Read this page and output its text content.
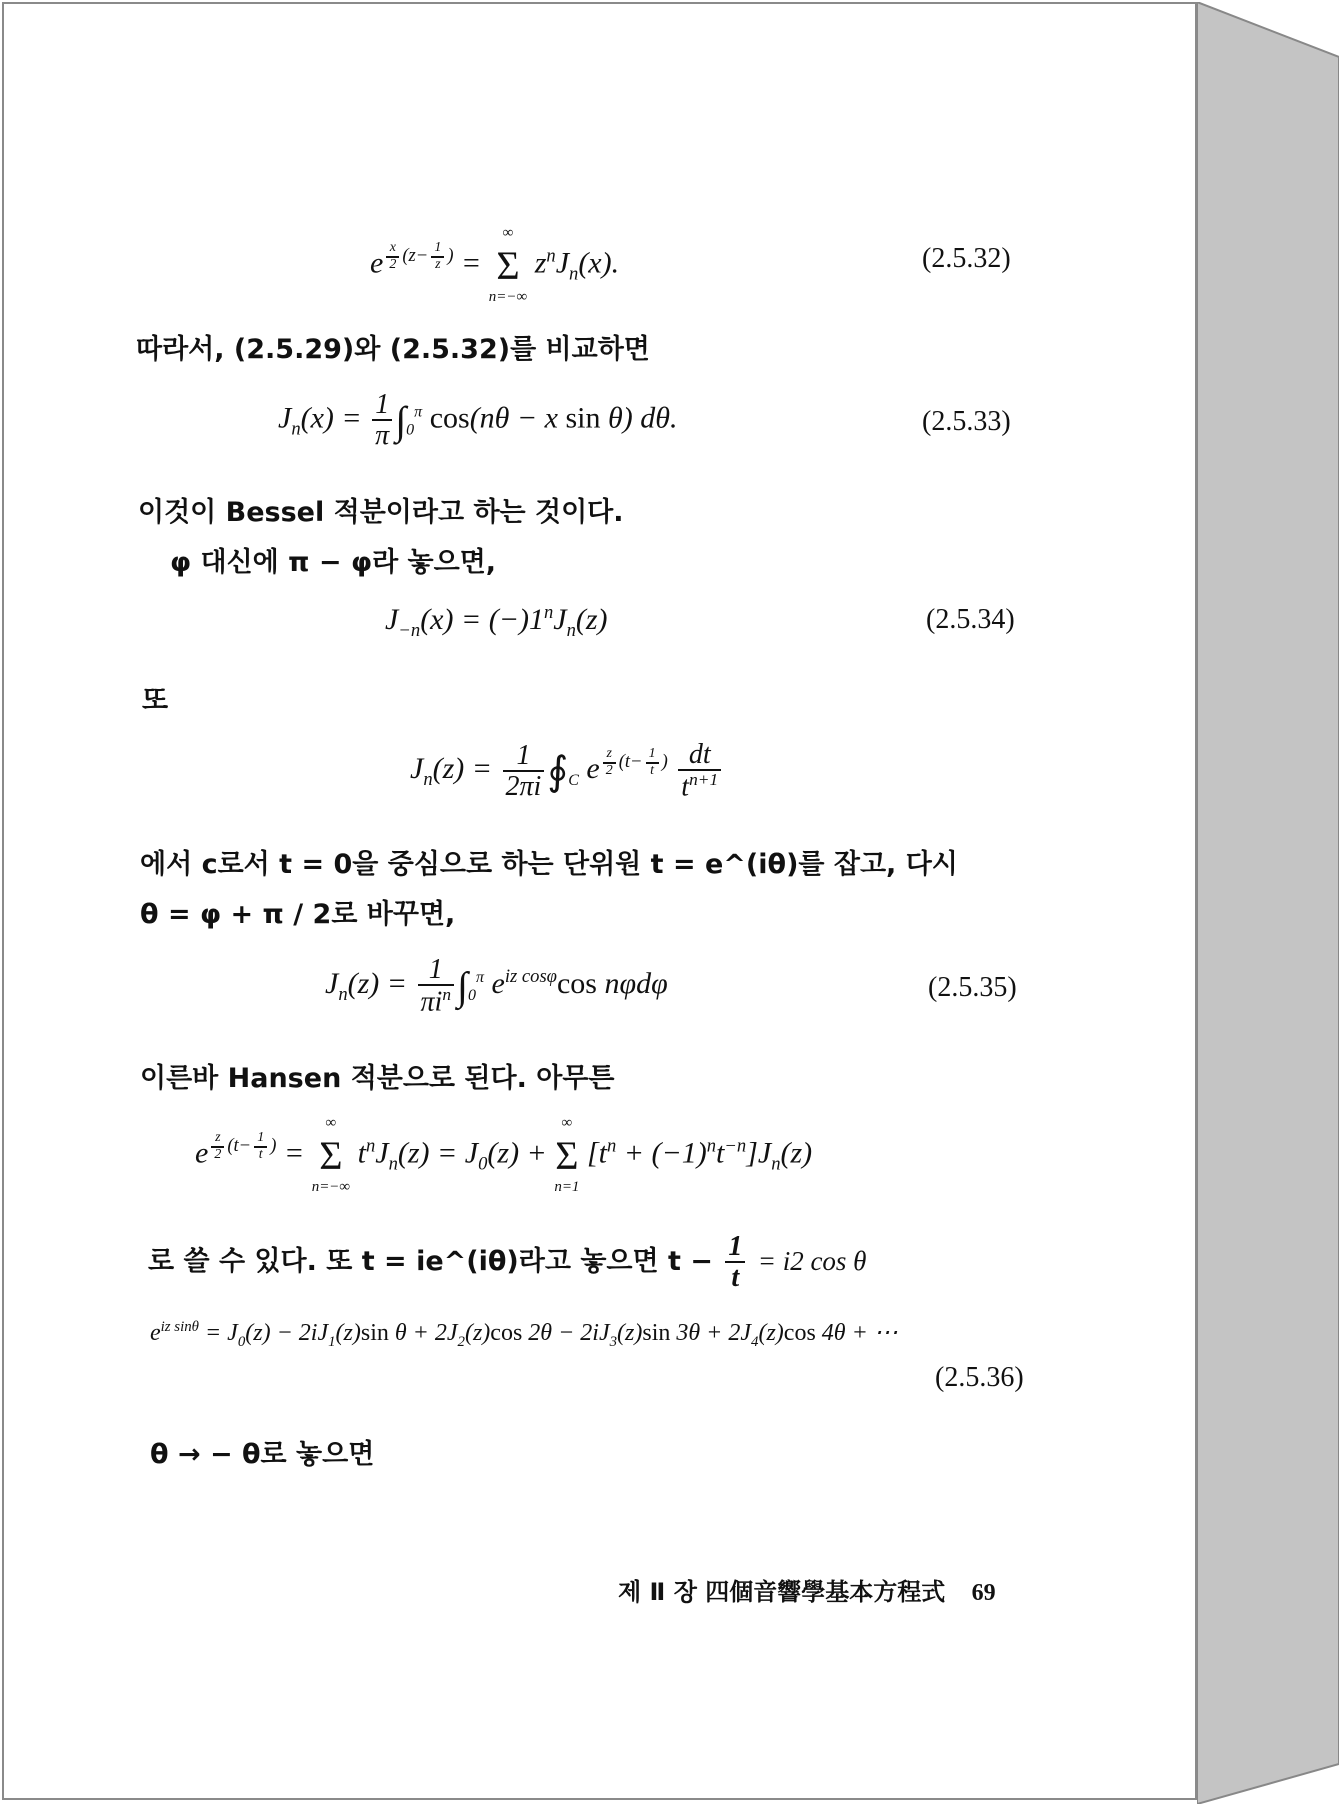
e $^{\frac{x}{2} (z- \frac{1}{z} )}$ =
∞
Σ
n=−∞
$z^nJ_n(x)$.	(2.5.32)
따라서, (2.5.29)와 (2.5.32)를 비교하면
$J_n(x) = \frac{1}{\pi} \int_0^\pi$ cos(nθ − x sin θ) dθ.	(2.5.33)
이것이 Bessel 적분이라고 하는 것이다.
φ 대신에 π − φ라 놓으면,
$J_{-n}(x) = (-)1^nJ_n(z)$	(2.5.34)
또
$J_n(z) = \frac{1}{2\pi i}$ $∮_C$ e $^{\frac{z}{2} (t- \frac{1}{t} )} \frac{dt}{t^{n+1}}$
에서 c로서 t = 0을 중심으로 하는 단위원 t = e^(iθ)를 잡고, 다시
θ = φ + π / 2로 바꾸면,
$J_n(z) = \frac{1}{\pi i^n} \int_0^\pi$ $e^{iz cos\varphi}\cos$ nφdφ	(2.5.35)
이른바 Hansen 적분으로 된다. 아무튼
e $^{\frac{z}{2} (t- \frac{1}{t} )}$ =
∞
Σ
n=−∞
$t^nJ_n(z) = J_0(z)$ +
∞
Σ
n=1
$[t^n + (-1)^nt^{-n}]J_n(z)$
로 쓸 수 있다. 또 t = ie^(iθ)라고 놓으면 $t - \frac{1}{t} = i2$ cos θ
$e^{iz sin\theta} = J_0(z) - 2iJ_1(z)\sin$ $\theta + 2J_2(z)\cos$ $2\theta - 2iJ_3(z)\sin$ $3\theta + 2J_4(z)\cos$ 4θ + ⋯
(2.5.36)
θ → − θ로 놓으면
제 Ⅱ 장 四個音響學基本方程式 69
